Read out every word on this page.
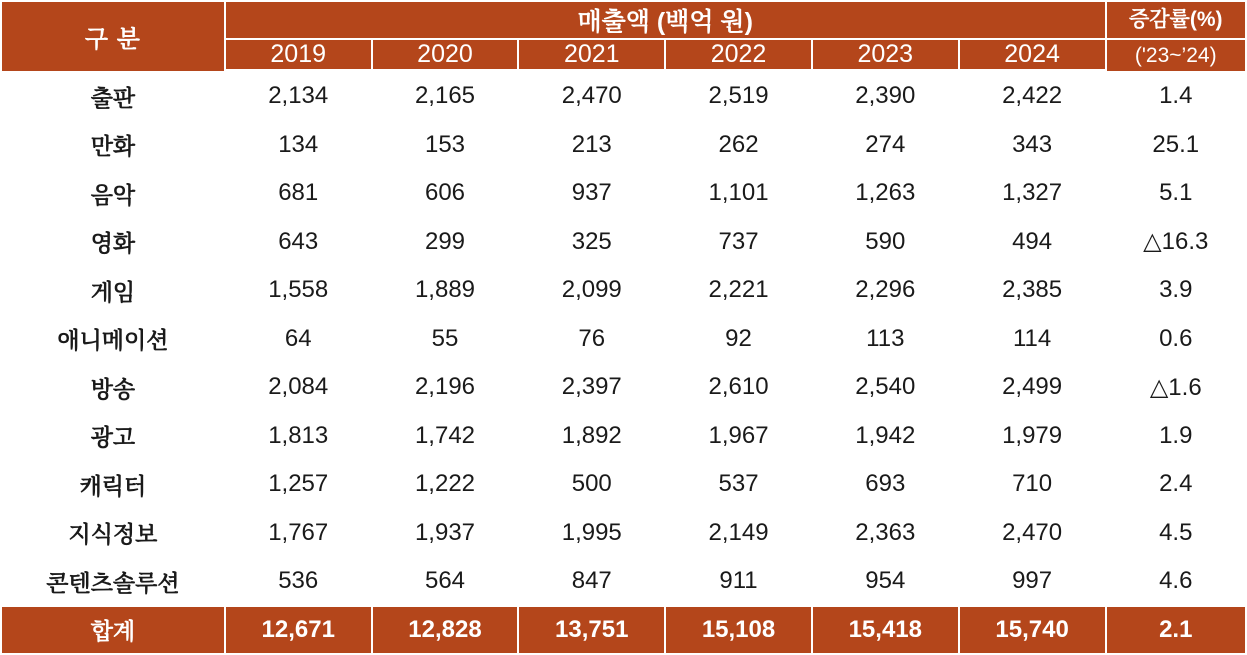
구 분	매출액 (백억 원)						증감률(%)
	2019	2020	2021	2022	2023	2024	('23~’24)

출판	2,134	2,165	2,470	2,519	2,390	2,422	1.4
만화	134	153	213	262	274	343	25.1
음악	681	606	937	1,101	1,263	1,327	5.1
영화	643	299	325	737	590	494	△16.3
게임	1,558	1,889	2,099	2,221	2,296	2,385	3.9
애니메이션	64	55	76	92	113	114	0.6
방송	2,084	2,196	2,397	2,610	2,540	2,499	△1.6
광고	1,813	1,742	1,892	1,967	1,942	1,979	1.9
캐릭터	1,257	1,222	500	537	693	710	2.4
지식정보	1,767	1,937	1,995	2,149	2,363	2,470	4.5
콘텐츠솔루션	536	564	847	911	954	997	4.6
합계	12,671	12,828	13,751	15,108	15,418	15,740	2.1
